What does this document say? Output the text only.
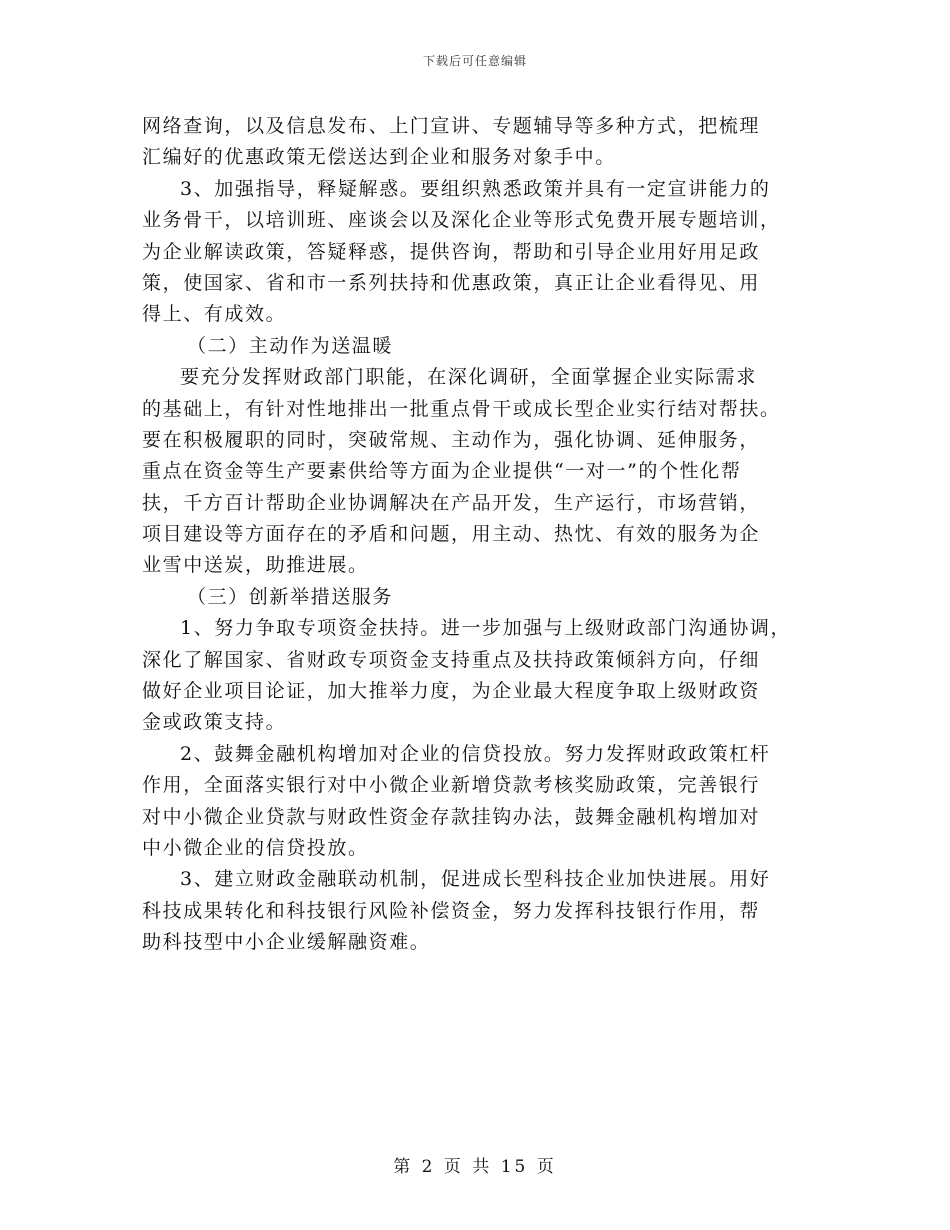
下载后可任意编辑
网络查询，以及信息发布、上门宣讲、专题辅导等多种方式，把梳理
汇编好的优惠政策无偿送达到企业和服务对象手中。
3、加强指导，释疑解惑。要组织熟悉政策并具有一定宣讲能力的
业务骨干，以培训班、座谈会以及深化企业等形式免费开展专题培训，
为企业解读政策，答疑释惑，提供咨询，帮助和引导企业用好用足政
策，使国家、省和市一系列扶持和优惠政策，真正让企业看得见、用
得上、有成效。
（二）主动作为送温暖
要充分发挥财政部门职能，在深化调研，全面掌握企业实际需求
的基础上，有针对性地排出一批重点骨干或成长型企业实行结对帮扶。
要在积极履职的同时，突破常规、主动作为，强化协调、延伸服务，
重点在资金等生产要素供给等方面为企业提供“一对一”的个性化帮
扶，千方百计帮助企业协调解决在产品开发，生产运行，市场营销，
项目建设等方面存在的矛盾和问题，用主动、热忱、有效的服务为企
业雪中送炭，助推进展。
（三）创新举措送服务
1、努力争取专项资金扶持。进一步加强与上级财政部门沟通协调，
深化了解国家、省财政专项资金支持重点及扶持政策倾斜方向，仔细
做好企业项目论证，加大推举力度，为企业最大程度争取上级财政资
金或政策支持。
2、鼓舞金融机构增加对企业的信贷投放。努力发挥财政政策杠杆
作用，全面落实银行对中小微企业新增贷款考核奖励政策，完善银行
对中小微企业贷款与财政性资金存款挂钩办法，鼓舞金融机构增加对
中小微企业的信贷投放。
3、建立财政金融联动机制，促进成长型科技企业加快进展。用好
科技成果转化和科技银行风险补偿资金，努力发挥科技银行作用，帮
助科技型中小企业缓解融资难。
第 2 页 共 15 页
